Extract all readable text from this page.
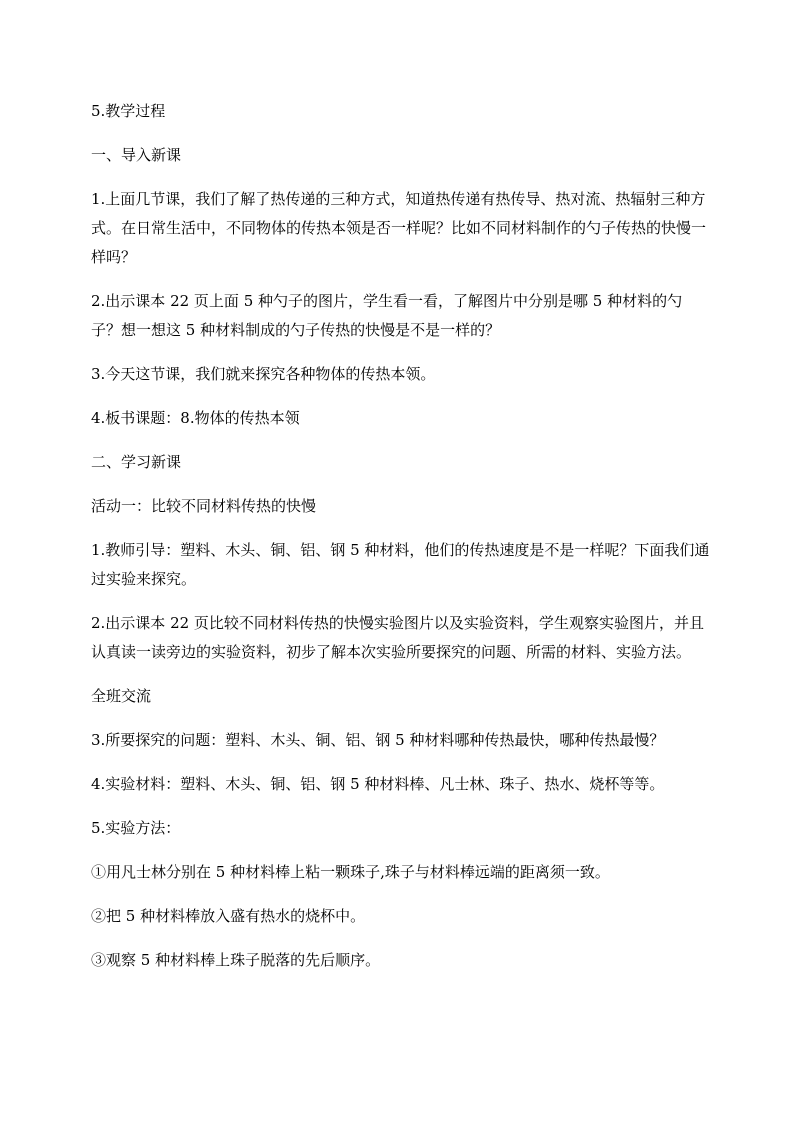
5.教学过程

一、导入新课

1.上面几节课，我们了解了热传递的三种方式，知道热传递有热传导、热对流、热辐射三种方式。在日常生活中，不同物体的传热本领是否一样呢？比如不同材料制作的勺子传热的快慢一样吗？

2.出示课本 22 页上面 5 种勺子的图片，学生看一看，了解图片中分别是哪 5 种材料的勺子？想一想这 5 种材料制成的勺子传热的快慢是不是一样的？

3.今天这节课，我们就来探究各种物体的传热本领。

4.板书课题：8.物体的传热本领

二、学习新课

活动一：比较不同材料传热的快慢

1.教师引导：塑料、木头、铜、铝、钢 5 种材料，他们的传热速度是不是一样呢？下面我们通过实验来探究。

2.出示课本 22 页比较不同材料传热的快慢实验图片以及实验资料，学生观察实验图片，并且认真读一读旁边的实验资料，初步了解本次实验所要探究的问题、所需的材料、实验方法。

全班交流

3.所要探究的问题：塑料、木头、铜、铝、钢 5 种材料哪种传热最快，哪种传热最慢？

4.实验材料：塑料、木头、铜、铝、钢 5 种材料棒、凡士林、珠子、热水、烧杯等等。

5.实验方法：

①用凡士林分别在 5 种材料棒上粘一颗珠子,珠子与材料棒远端的距离须一致。

②把 5 种材料棒放入盛有热水的烧杯中。

③观察 5 种材料棒上珠子脱落的先后顺序。
